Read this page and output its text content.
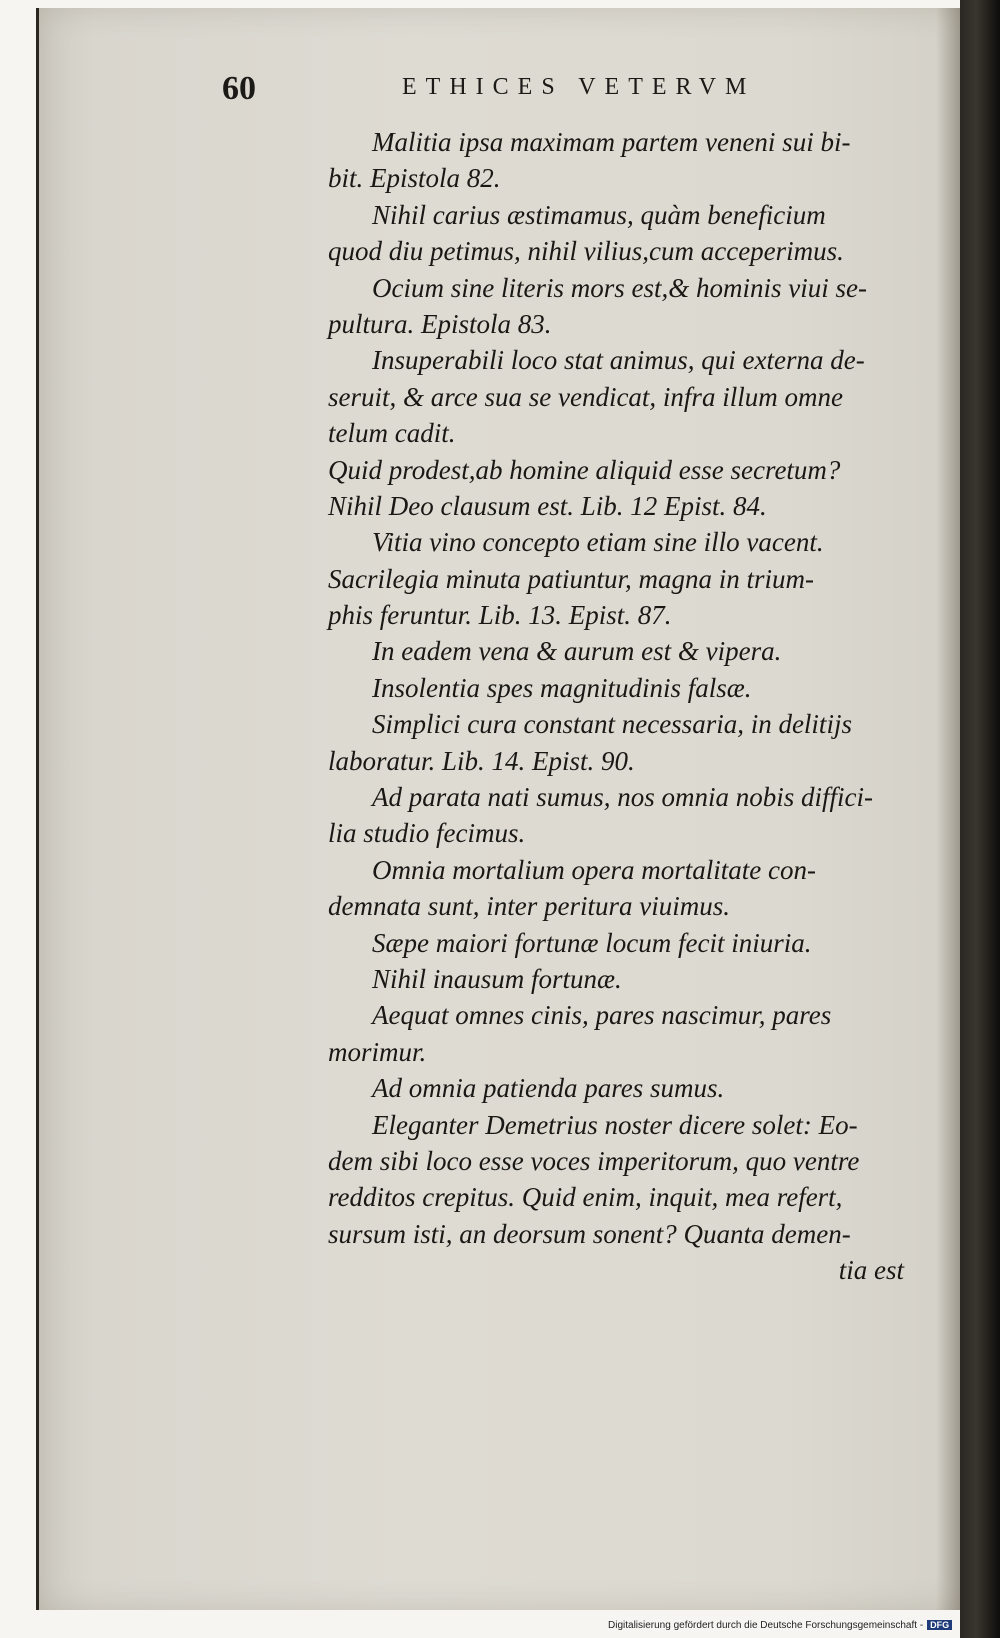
60	ETHICES VETERVM
Malitia ipsa maximam partem veneni sui bi-
bit. Epistola 82.
Nihil carius æstimamus, quàm beneficium
quod diu petimus, nihil vilius,cum acceperimus.
Ocium sine literis mors est,& hominis viui se-
pultura. Epistola 83.
Insuperabili loco stat animus, qui externa de-
seruit, & arce sua se vendicat, infra illum omne
telum cadit.
Quid prodest,ab homine aliquid esse secretum?
Nihil Deo clausum est. Lib. 12 Epist. 84.
Vitia vino concepto etiam sine illo vacent.
Sacrilegia minuta patiuntur, magna in trium-
phis feruntur. Lib. 13. Epist. 87.
In eadem vena & aurum est & vipera.
Insolentia spes magnitudinis falsæ.
Simplici cura constant necessaria, in delitijs
laboratur. Lib. 14. Epist. 90.
Ad parata nati sumus, nos omnia nobis diffici-
lia studio fecimus.
Omnia mortalium opera mortalitate con-
demnata sunt, inter peritura viuimus.
Sæpe maiori fortunæ locum fecit iniuria.
Nihil inausum fortunæ.
Aequat omnes cinis, pares nascimur, pares
morimur.
Ad omnia patienda pares sumus.
Eleganter Demetrius noster dicere solet: Eo-
dem sibi loco esse voces imperitorum, quo ventre
redditos crepitus. Quid enim, inquit, mea refert,
sursum isti, an deorsum sonent? Quanta demen-
tia est
Digitalisierung gefördert durch die Deutsche Forschungsgemeinschaft - DFG
